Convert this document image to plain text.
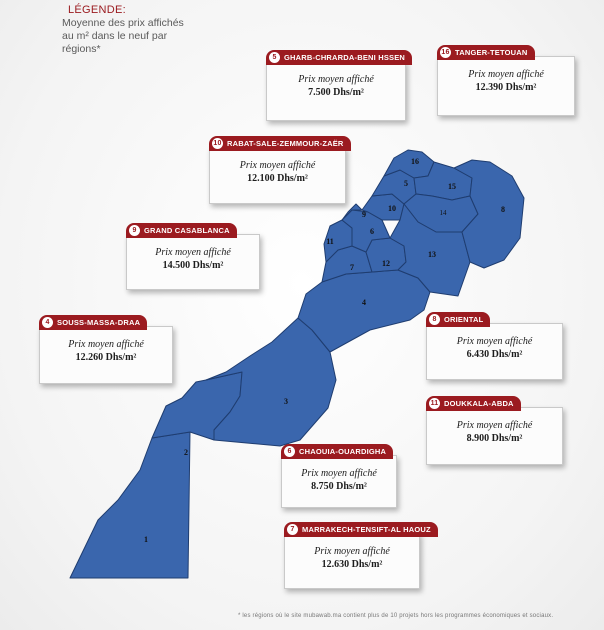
LÉGENDE:
Moyenne des prix affichés
au m² dans le neuf par
régions*
1
2
3
4
5
6
7
8
9
10
11
12
13
14
15
16
5 GHARB-CHRARDA-BENI HSSEN
Prix moyen affiché
7.500 Dhs/m²
16 TANGER-TETOUAN
Prix moyen affiché
12.390 Dhs/m²
10 RABAT-SALE-ZEMMOUR-ZAËR
Prix moyen affiché
12.100 Dhs/m²
9 GRAND CASABLANCA
Prix moyen affiché
14.500 Dhs/m²
4 SOUSS-MASSA-DRAA
Prix moyen affiché
12.260 Dhs/m²
8 ORIENTAL
Prix moyen affiché
6.430 Dhs/m²
11 DOUKKALA-ABDA
Prix moyen affiché
8.900 Dhs/m²
6 CHAOUIA-OUARDIGHA
Prix moyen affiché
8.750 Dhs/m²
7 MARRAKECH-TENSIFT-AL HAOUZ
Prix moyen affiché
12.630 Dhs/m²
* les régions où le site mubawab.ma contient plus de 10 projets hors les programmes économiques et sociaux.
